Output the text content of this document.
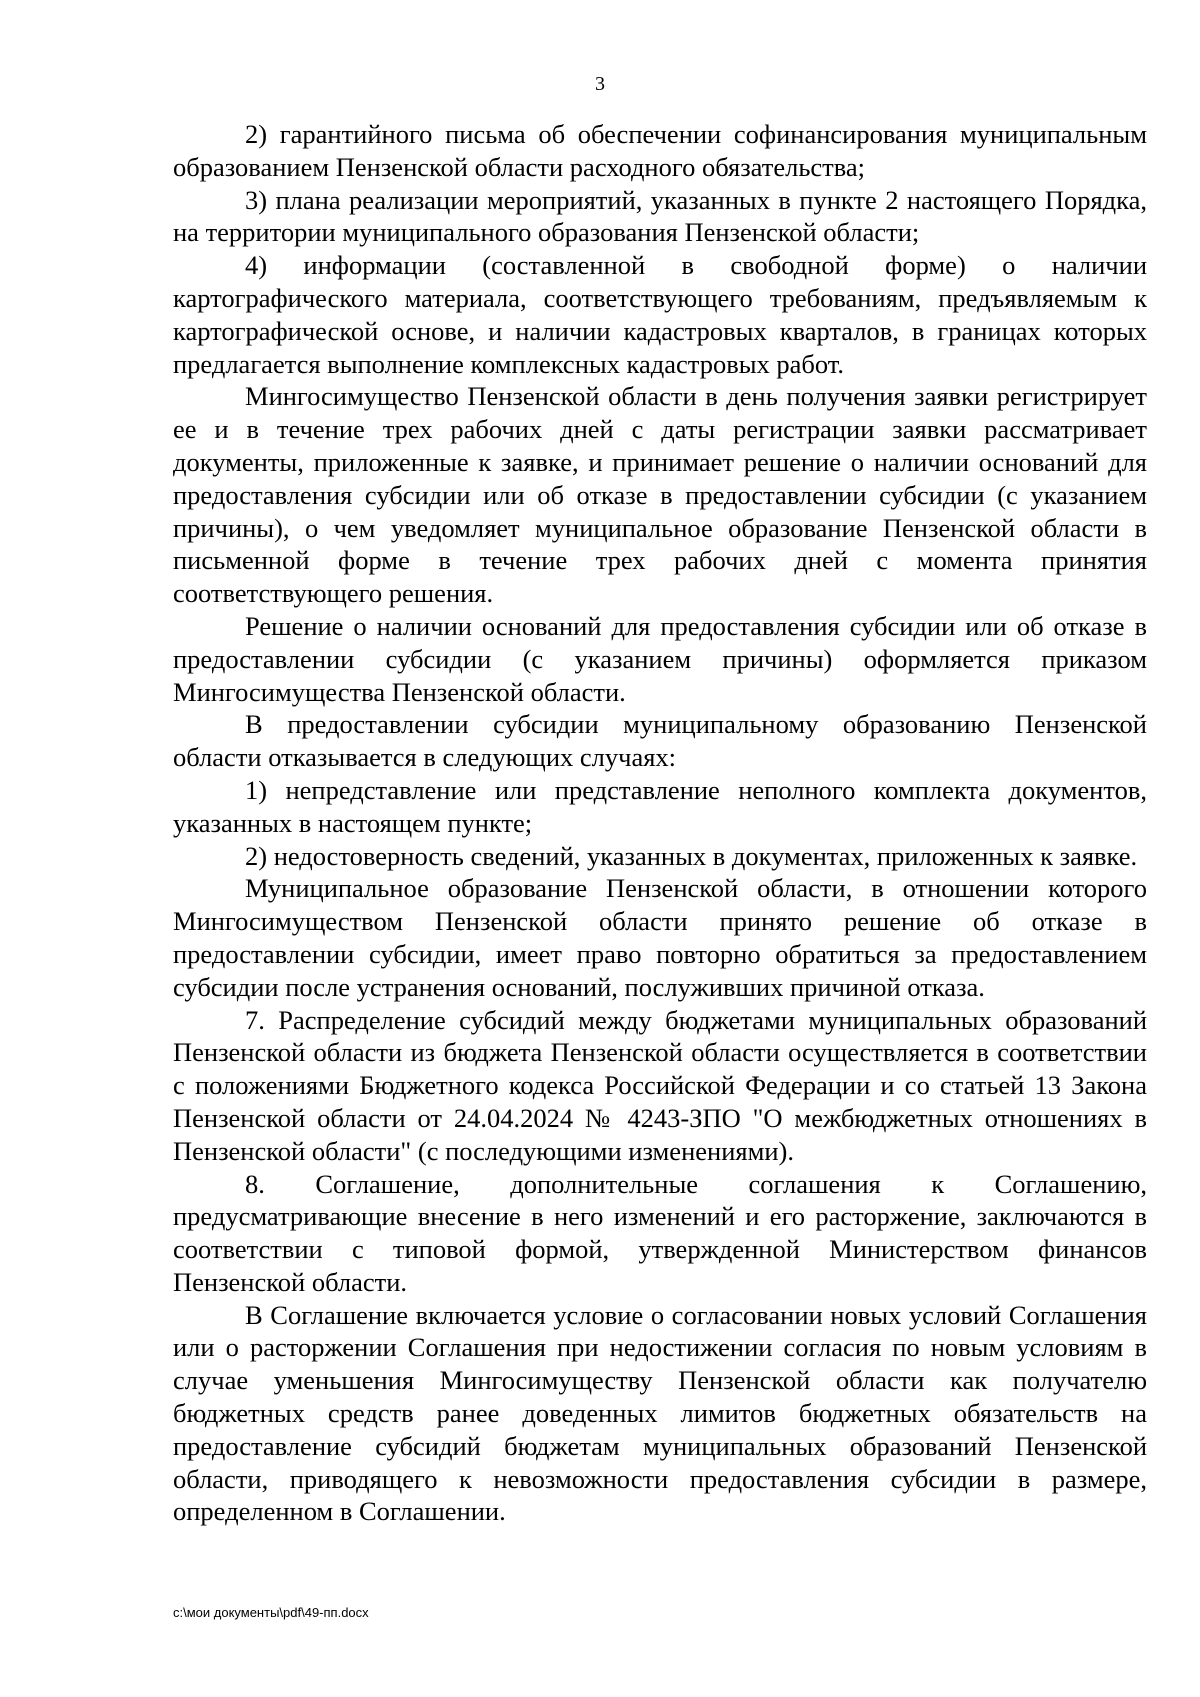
3

2) гарантийного письма об обеспечении софинансирования муниципальным образованием Пензенской области расходного обязательства;

3) плана реализации мероприятий, указанных в пункте 2 настоящего Порядка, на территории муниципального образования Пензенской области;

4) информации (составленной в свободной форме) о наличии картографического материала, соответствующего требованиям, предъявляемым к картографической основе, и наличии кадастровых кварталов, в границах которых предлагается выполнение комплексных кадастровых работ.

Мингосимущество Пензенской области в день получения заявки регистрирует ее и в течение трех рабочих дней с даты регистрации заявки рассматривает документы, приложенные к заявке, и принимает решение о наличии оснований для предоставления субсидии или об отказе в предоставлении субсидии (с указанием причины), о чем уведомляет муниципальное образование Пензенской области в письменной форме в течение трех рабочих дней с момента принятия соответствующего решения.

Решение о наличии оснований для предоставления субсидии или об отказе в предоставлении субсидии (с указанием причины) оформляется приказом Мингосимущества Пензенской области.

В предоставлении субсидии муниципальному образованию Пензенской области отказывается в следующих случаях:

1) непредставление или представление неполного комплекта документов, указанных в настоящем пункте;

2) недостоверность сведений, указанных в документах, приложенных к заявке.

Муниципальное образование Пензенской области, в отношении которого Мингосимуществом Пензенской области принято решение об отказе в предоставлении субсидии, имеет право повторно обратиться за предоставлением субсидии после устранения оснований, послуживших причиной отказа.

7. Распределение субсидий между бюджетами муниципальных образований Пензенской области из бюджета Пензенской области осуществляется в соответствии с положениями Бюджетного кодекса Российской Федерации и со статьей 13 Закона Пензенской области от 24.04.2024 № 4243-ЗПО "О межбюджетных отношениях в Пензенской области" (с последующими изменениями).

8. Соглашение, дополнительные соглашения к Соглашению, предусматривающие внесение в него изменений и его расторжение, заключаются в соответствии с типовой формой, утвержденной Министерством финансов Пензенской области.

В Соглашение включается условие о согласовании новых условий Соглашения или о расторжении Соглашения при недостижении согласия по новым условиям в случае уменьшения Мингосимуществу Пензенской области как получателю бюджетных средств ранее доведенных лимитов бюджетных обязательств на предоставление субсидий бюджетам муниципальных образований Пензенской области, приводящего к невозможности предоставления субсидии в размере, определенном в Соглашении.

c:\мои документы\pdf\49-пп.docx
